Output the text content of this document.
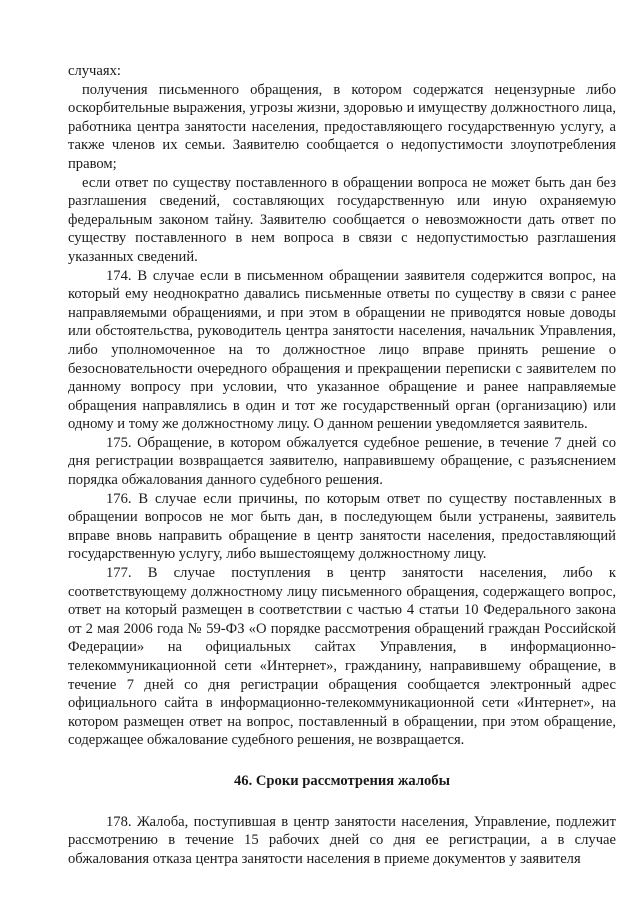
случаях:

получения письменного обращения, в котором содержатся нецензурные либо оскорбительные выражения, угрозы жизни, здоровью и имуществу должностного лица, работника центра занятости населения, предоставляющего государственную услугу, а также членов их семьи. Заявителю сообщается о недопустимости злоупотребления правом;

если ответ по существу поставленного в обращении вопроса не может быть дан без разглашения сведений, составляющих государственную или иную охраняемую федеральным законом тайну. Заявителю сообщается о невозможности дать ответ по существу поставленного в нем вопроса в связи с недопустимостью разглашения указанных сведений.

174. В случае если в письменном обращении заявителя содержится вопрос, на который ему неоднократно давались письменные ответы по существу в связи с ранее направляемыми обращениями, и при этом в обращении не приводятся новые доводы или обстоятельства, руководитель центра занятости населения, начальник Управления, либо уполномоченное на то должностное лицо вправе принять решение о безосновательности очередного обращения и прекращении переписки с заявителем по данному вопросу при условии, что указанное обращение и ранее направляемые обращения направлялись в один и тот же государственный орган (организацию) или одному и тому же должностному лицу. О данном решении уведомляется заявитель.

175. Обращение, в котором обжалуется судебное решение, в течение 7 дней со дня регистрации возвращается заявителю, направившему обращение, с разъяснением порядка обжалования данного судебного решения.

176. В случае если причины, по которым ответ по существу поставленных в обращении вопросов не мог быть дан, в последующем были устранены, заявитель вправе вновь направить обращение в центр занятости населения, предоставляющий государственную услугу, либо вышестоящему должностному лицу.

177. В случае поступления в центр занятости населения, либо к соответствующему должностному лицу письменного обращения, содержащего вопрос, ответ на который размещен в соответствии с частью 4 статьи 10 Федерального закона от 2 мая 2006 года № 59-ФЗ «О порядке рассмотрения обращений граждан Российской Федерации» на официальных сайтах Управления, в информационно-телекоммуникационной сети «Интернет», гражданину, направившему обращение, в течение 7 дней со дня регистрации обращения сообщается электронный адрес официального сайта в информационно-телекоммуникационной сети «Интернет», на котором размещен ответ на вопрос, поставленный в обращении, при этом обращение, содержащее обжалование судебного решения, не возвращается.

46. Сроки рассмотрения жалобы

178. Жалоба, поступившая в центр занятости населения, Управление, подлежит рассмотрению в течение 15 рабочих дней со дня ее регистрации, а в случае обжалования отказа центра занятости населения в приеме документов у заявителя
